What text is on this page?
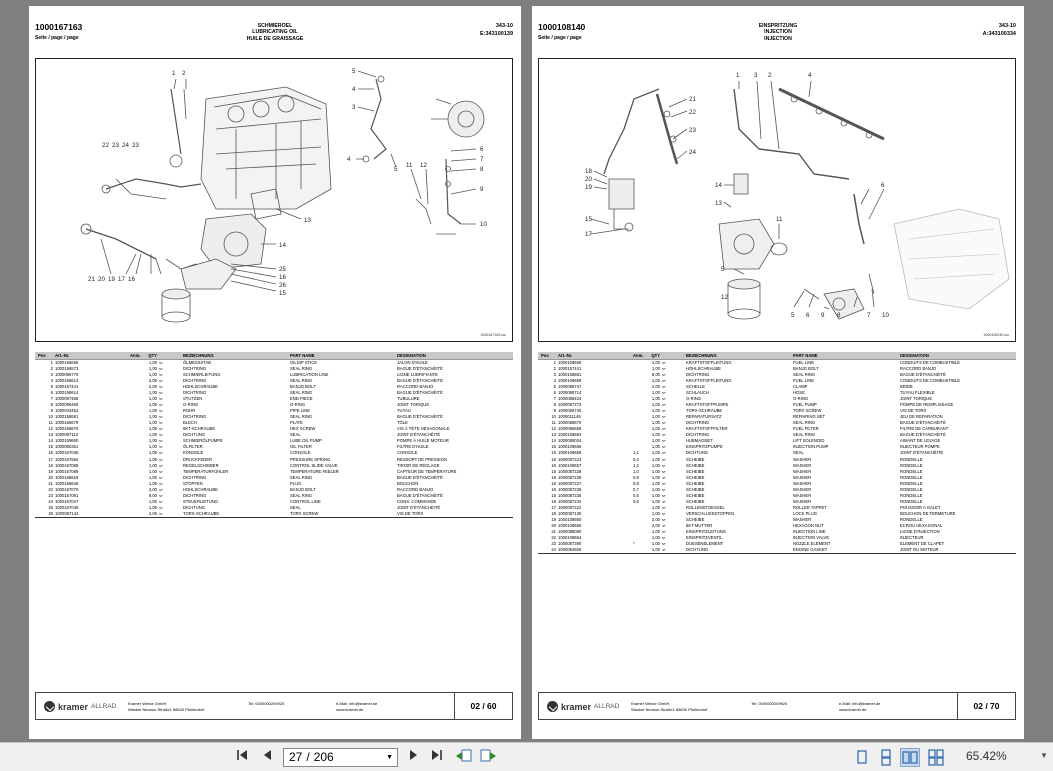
1000167163
Seite / page / page
SCHMIEROEL
LUBRICATING OIL
HUILE DE GRAISSAGE
343-10
E:343100139
1 2	5
4
3
6
7
8
9
10
11 12
4
5
22 23 24 23
13
14
25
16
26
15
21 20 19 17 16
1000167163.wo
Pos	Art.-Nr.	Anm.	QTY	BEZEICHNUNG	PART NAME	DESIGNATION
1 1000156655	1,00 ST	ÖLMESSSTAB	OILDIP STICK	JALON D'HUILE
2 1000156573	1,00 ST	DICHTRING	SEAL RING	BAGUE D'ÉTANCHÉITÉ
3 1000096770	1,00 ST	SCHMIERLEITUNG	LUBRICATION LINE	LIGNE LUBRIFIANTE
4 1000158613	2,00 ST	DICHTRING	SEAL RING	BAGUE D'ÉTANCHÉITÉ
5 1000157441	2,00 ST	HOHLSCHRAUBE	BANJO BOLT	RACCORD BANJO
6 1000158614	1,00 ST	DICHTRING	SEAL RING	BAGUE D'ÉTANCHÉITÉ
7 1000097468	1,00 ST	STUTZEN	END PIECE	TUBULURE
8 1000096469	1,00 ST	O-RING	O-RING	JOINT TORIQUE
9 1000043452	1,00 ST	ROHR	PIPE LINE	TUYAU
10 1000158681	1,00 ST	DICHTRING	SEAL RING	BAGUE D'ÉTANCHÉITÉ
11 1000156679	1,00 ST	BLECH	PLATE	TÔLE
12 1000158676	1,00 ST	6KT-SCHRAUBE	HEX SCREW	VIS À TÊTE HEXAGONALE
13 1000087113	1,00 ST	DICHTUNG	SEAL	JOINT D'ÉTANCHÉITÉ
14 1000159660	1,00 ST	SCHMIERÖLPUMPE	LUBE.OIL PUMP	POMPE À HUILE MOTEUR
15 1000050351	1,00 ST	ÖLFILTER	OIL FILTER	FILTRE D'HUILE
16 1000167045	1,00 ST	KONSOLE	CONSOLE	CONSOLE
17 1000167584	1,00 ST	DRUCKFEDER	PRESSURE SPRING	RESSORT DE PRESSION
18 1000167088	1,00 ST	REGELSCHIEBER	CONTROL SLIDE VALVE	TIROIR DE RÉGLAGE
19 1000167089	1,00 ST	TEMPERATURFÜHLER	TEMPERATURE FEELER	CAPTEUR DE TEMPÉRATURE
20 1000158618	1,00 ST	DICHTRING	SEAL RING	BAGUE D'ÉTANCHÉITÉ
21 1000158645	1,00 ST	STOPFEN	PLUG	BOUCHON
22 1000167070	4,00 ST	HOHLSCHRAUBE	BANJO BOLT	RACCORD BANJO
23 1000157081	8,00 ST	DICHTRING	SEAL RING	BAGUE D'ÉTANCHÉITÉ
24 1000167047	1,00 ST	STEUERLEITUNG	CONTROL LINE	CONS. COMMANDE
25 1000167046	1,00 ST	DICHTUNG	SEAL	JOINT D'ÉTANCHÉITÉ
26 1000087144	2,00 ST	TORX-SCHRAUBE	TORX SCREW	VIS DE TORX
kramer ALLRAD	Kramer Werke GmbH
Wacker Neuson-Straße1 88630 Pfullendorf
Tel: 0000000209920	e-Mail: info@kramer.de
www.kramer.de	02 / 60
1000108140
Seite / page / page
EINSPRITZUNG
INJECTION
INJECTION
343-10
A:343100334
1 3 2	4
21
22
23
24
18
20
19	14
13
15
17
11
5
6
12
5 6 9 8	7 10
1000108140.wo
Pos	Art.-Nr.	Anm.	QTY	BEZEICHNUNG	PART NAME	DESIGNATION
1 1000109659	1,00 ST	KRAFTSTOFFLEITUNG	FUEL LINE	CONDUITS DE COMBUSTIBLE
2 1000157441	1,00 ST	HOHLSCHRAUBE	BANJO BOLT	RACCORD BANJO
3 1000158681	8,00 ST	DICHTRING	SEAL RING	BAGUE D'ÉTANCHÉITÉ
4 1000109658	1,00 ST	KRAFTSTOFFLEITUNG	FUEL LINE	CONDUITS DE COMBUSTIBLE
5 1000086747	2,00 ST	SCHELLE	CLAMP	BRIDE
6 1000086714	1,00 ST	SCHLAUCH	HOSE	TUYAU FLEXIBLE
7 1000086424	1,00 ST	O-RING	O-RING	JOINT TORIQUE
8 1000087273	1,00 ST	KRAFTSTOFFPUMPE	FUEL PUMP	POMPE DE REMPLISSAGE
9 1000086740	1,00 ST	TORX-SCHRAUBE	TORX SCREW	VIS DE TORX
10 1000011146	1,00 ST	REPARATURSATZ	REPAIRING SET	JEU DE REPARATION
11 1000086670	1,00 ST	DICHTRING	SEAL RING	BAGUE D'ÉTANCHÉITÉ
12 1000086656	1,00 ST	KRAFTSTOFFFILTER	FUEL FILTER	FILTRE DE CARBURANT
13 1000158683	1,00 ST	DICHTRING	SEAL RING	BAGUE D'ÉTANCHÉITÉ
14 1000086034	1,00 ST	HUBMAGNET	LIFT SOLENOID	AIMANT DE LEVAGE
15 1000109666	1,00 ST	EINSPRITZPUMPE	INJECTION PUMP	INJECTEUR POMPE
16 1000109656	1,1	1,00 ST	DICHTUNG	SEAL	JOINT D'ÉTANCHÉITÉ
16 1000087223	0,4	1,00 ST	SCHEIBE	WASHER	RONDELLE
16 1000109657	1,2	1,00 ST	SCHEIBE	WASHER	RONDELLE
16 1000087228	1,0	1,00 ST	SCHEIBE	WASHER	RONDELLE
16 1000087238	0,9	1,00 ST	SCHEIBE	WASHER	RONDELLE
16 1000087227	0,8	1,00 ST	SCHEIBE	WASHER	RONDELLE
16 1000087236	0,7	1,00 ST	SCHEIBE	WASHER	RONDELLE
16 1000087235	0,6	1,00 ST	SCHEIBE	WASHER	RONDELLE
16 1000087234	0,5	1,00 ST	SCHEIBE	WASHER	RONDELLE
17 1000087222	1,00 ST	ROLLENSTOESSEL	ROLLER TAPPET	POUSSOIR A GALET
18 1000087130	1,00 ST	VERSCHLUSSSTOPFEN	LOCK PLUG	BOUCHON DE FERMETURE
19 1000108660	2,00 ST	SCHEIBE	WASHER	RONDELLE
20 1000108665	2,00 ST	6KT-MUTTER	HEXAGON NUT	ECROU HEXAGONAL
21 1000086080	1,00 ST	EINSPRITZLEITUNG	INJECTION LINE	LIGNE D'INJECTION
22 1000109664	1,00 ST	EINSPRITZVENTIL	INJECTION VALVE	INJECTEUR
23 1000087390	*	1,00 ST	DUESENELEMENT	NOZZLE ELEMENT	ELEMENT DE CLAPET
24 1000084605	1,00 ST	DICHTUNG	ENGINE GASKET	JOINT DU MOTEUR
kramer ALLRAD	Kramer Werke GmbH
Wacker Neuson-Straße1 88630 Pfullendorf
Tel: 0000000209920	e-Mail: info@kramer.de
www.kramer.de	02 / 70
27 / 206	▼	65.42%	▼
